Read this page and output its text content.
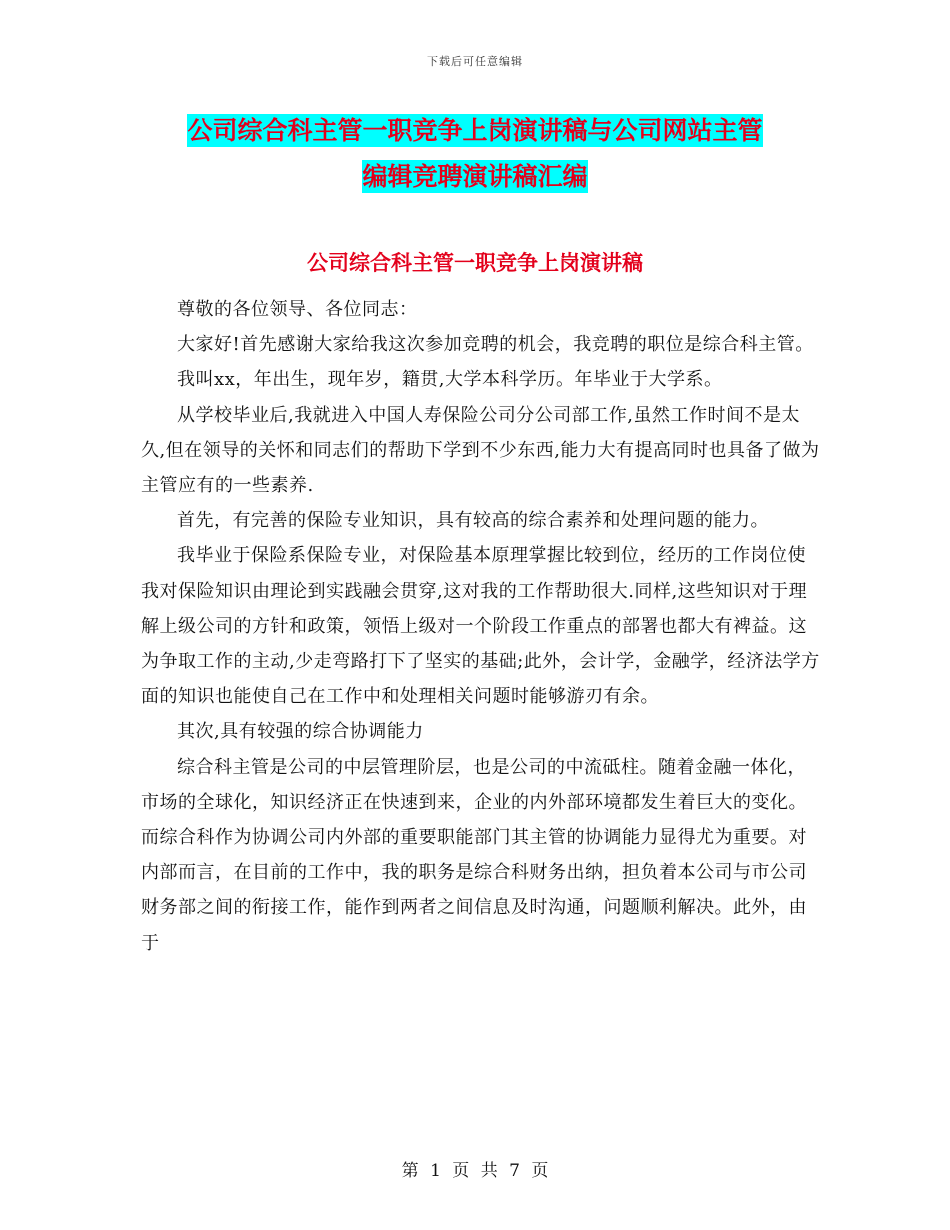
下载后可任意编辑
公司综合科主管一职竞争上岗演讲稿与公司网站主管
编辑竞聘演讲稿汇编
公司综合科主管一职竞争上岗演讲稿

尊敬的各位领导、各位同志：

大家好!首先感谢大家给我这次参加竞聘的机会，我竞聘的职位是综合科主管。

我叫xx，年出生，现年岁，籍贯,大学本科学历。年毕业于大学系。

从学校毕业后,我就进入中国人寿保险公司分公司部工作,虽然工作时间不是太久,但在领导的关怀和同志们的帮助下学到不少东西,能力大有提高同时也具备了做为主管应有的一些素养.

首先，有完善的保险专业知识，具有较高的综合素养和处理问题的能力。

我毕业于保险系保险专业，对保险基本原理掌握比较到位，经历的工作岗位使我对保险知识由理论到实践融会贯穿,这对我的工作帮助很大.同样,这些知识对于理解上级公司的方针和政策，领悟上级对一个阶段工作重点的部署也都大有裨益。这为争取工作的主动,少走弯路打下了坚实的基础;此外，会计学，金融学，经济法学方面的知识也能使自己在工作中和处理相关问题时能够游刃有余。

其次,具有较强的综合协调能力

综合科主管是公司的中层管理阶层，也是公司的中流砥柱。随着金融一体化，市场的全球化，知识经济正在快速到来，企业的内外部环境都发生着巨大的变化。而综合科作为协调公司内外部的重要职能部门其主管的协调能力显得尤为重要。对内部而言，在目前的工作中，我的职务是综合科财务出纳，担负着本公司与市公司财务部之间的衔接工作，能作到两者之间信息及时沟通，问题顺利解决。此外，由于

第 1 页 共 7 页
